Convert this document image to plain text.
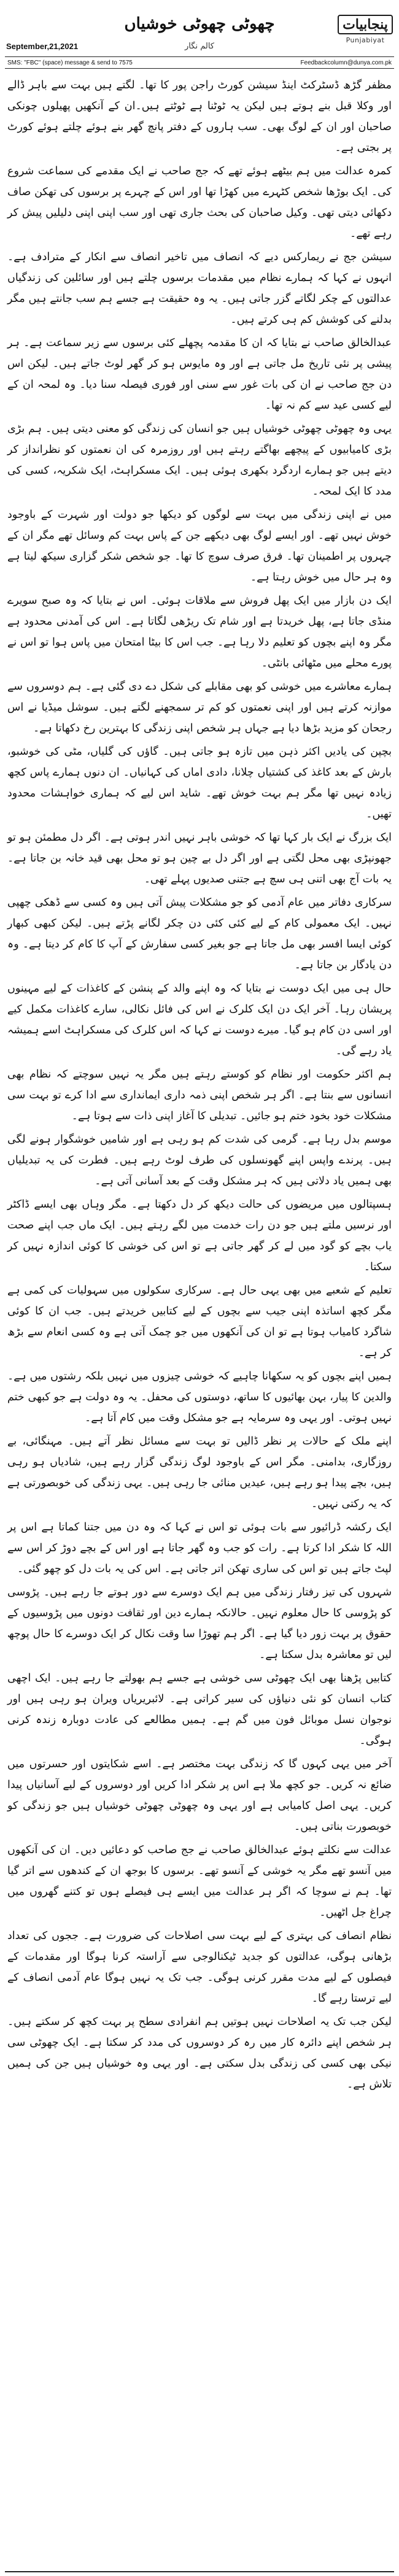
پنجابیات
Punjabiyat
چھوٹی چھوٹی خوشیاں
کالم نگار
September,21,2021
SMS: "FBC" (space) message & send to 7575	Feedbackcolumn@dunya.com.pk

مظفر گڑھ ڈسٹرکٹ اینڈ سیشن کورٹ راجن پور کا تھا۔ لگتے ہیں بہت سے باہر ڈالے اور وکلا قبل بنے ہوتے ہیں لیکن یہ ٹوٹنا ہے ٹوٹتے ہیں۔ان کے آنکھیں پھیلوں چونکی صاحبان اور ان کے لوگ بھی۔ سب ہاروں کے دفتر پانچ گھر بنے ہوئے چلتے ہوئے کورٹ پر بجتی ہے۔

کمرہ عدالت میں ہم بیٹھے ہوئے تھے کہ جج صاحب نے ایک مقدمے کی سماعت شروع کی۔ ایک بوڑھا شخص کٹہرے میں کھڑا تھا اور اس کے چہرے پر برسوں کی تھکن صاف دکھائی دیتی تھی۔ وکیل صاحبان کی بحث جاری تھی اور سب اپنی اپنی دلیلیں پیش کر رہے تھے۔

سیشن جج نے ریمارکس دیے کہ انصاف میں تاخیر انصاف سے انکار کے مترادف ہے۔ انہوں نے کہا کہ ہمارے نظام میں مقدمات برسوں چلتے ہیں اور سائلین کی زندگیاں عدالتوں کے چکر لگاتے گزر جاتی ہیں۔ یہ وہ حقیقت ہے جسے ہم سب جانتے ہیں مگر بدلنے کی کوشش کم ہی کرتے ہیں۔

عبدالخالق صاحب نے بتایا کہ ان کا مقدمہ پچھلے کئی برسوں سے زیر سماعت ہے۔ ہر پیشی پر نئی تاریخ مل جاتی ہے اور وہ مایوس ہو کر گھر لوٹ جاتے ہیں۔ لیکن اس دن جج صاحب نے ان کی بات غور سے سنی اور فوری فیصلہ سنا دیا۔ وہ لمحہ ان کے لیے کسی عید سے کم نہ تھا۔

یہی وہ چھوٹی چھوٹی خوشیاں ہیں جو انسان کی زندگی کو معنی دیتی ہیں۔ ہم بڑی بڑی کامیابیوں کے پیچھے بھاگتے رہتے ہیں اور روزمرہ کی ان نعمتوں کو نظرانداز کر دیتے ہیں جو ہمارے اردگرد بکھری ہوئی ہیں۔ ایک مسکراہٹ، ایک شکریہ، کسی کی مدد کا ایک لمحہ۔

میں نے اپنی زندگی میں بہت سے لوگوں کو دیکھا جو دولت اور شہرت کے باوجود خوش نہیں تھے۔ اور ایسے لوگ بھی دیکھے جن کے پاس بہت کم وسائل تھے مگر ان کے چہروں پر اطمینان تھا۔ فرق صرف سوچ کا تھا۔ جو شخص شکر گزاری سیکھ لیتا ہے وہ ہر حال میں خوش رہتا ہے۔

ایک دن بازار میں ایک پھل فروش سے ملاقات ہوئی۔ اس نے بتایا کہ وہ صبح سویرے منڈی جاتا ہے، پھل خریدتا ہے اور شام تک ریڑھی لگاتا ہے۔ اس کی آمدنی محدود ہے مگر وہ اپنے بچوں کو تعلیم دلا رہا ہے۔ جب اس کا بیٹا امتحان میں پاس ہوا تو اس نے پورے محلے میں مٹھائی بانٹی۔

ہمارے معاشرے میں خوشی کو بھی مقابلے کی شکل دے دی گئی ہے۔ ہم دوسروں سے موازنہ کرتے ہیں اور اپنی نعمتوں کو کم تر سمجھنے لگتے ہیں۔ سوشل میڈیا نے اس رجحان کو مزید بڑھا دیا ہے جہاں ہر شخص اپنی زندگی کا بہترین رخ دکھاتا ہے۔

بچپن کی یادیں اکثر ذہن میں تازہ ہو جاتی ہیں۔ گاؤں کی گلیاں، مٹی کی خوشبو، بارش کے بعد کاغذ کی کشتیاں چلانا، دادی اماں کی کہانیاں۔ ان دنوں ہمارے پاس کچھ زیادہ نہیں تھا مگر ہم بہت خوش تھے۔ شاید اس لیے کہ ہماری خواہشات محدود تھیں۔

ایک بزرگ نے ایک بار کہا تھا کہ خوشی باہر نہیں اندر ہوتی ہے۔ اگر دل مطمئن ہو تو جھونپڑی بھی محل لگتی ہے اور اگر دل بے چین ہو تو محل بھی قید خانہ بن جاتا ہے۔ یہ بات آج بھی اتنی ہی سچ ہے جتنی صدیوں پہلے تھی۔

سرکاری دفاتر میں عام آدمی کو جو مشکلات پیش آتی ہیں وہ کسی سے ڈھکی چھپی نہیں۔ ایک معمولی کام کے لیے کئی کئی دن چکر لگانے پڑتے ہیں۔ لیکن کبھی کبھار کوئی ایسا افسر بھی مل جاتا ہے جو بغیر کسی سفارش کے آپ کا کام کر دیتا ہے۔ وہ دن یادگار بن جاتا ہے۔

حال ہی میں ایک دوست نے بتایا کہ وہ اپنے والد کے پنشن کے کاغذات کے لیے مہینوں پریشان رہا۔ آخر ایک دن ایک کلرک نے اس کی فائل نکالی، سارے کاغذات مکمل کیے اور اسی دن کام ہو گیا۔ میرے دوست نے کہا کہ اس کلرک کی مسکراہٹ اسے ہمیشہ یاد رہے گی۔

ہم اکثر حکومت اور نظام کو کوستے رہتے ہیں مگر یہ نہیں سوچتے کہ نظام بھی انسانوں سے بنتا ہے۔ اگر ہر شخص اپنی ذمہ داری ایمانداری سے ادا کرے تو بہت سی مشکلات خود بخود ختم ہو جائیں۔ تبدیلی کا آغاز اپنی ذات سے ہوتا ہے۔

موسم بدل رہا ہے۔ گرمی کی شدت کم ہو رہی ہے اور شامیں خوشگوار ہونے لگی ہیں۔ پرندے واپس اپنے گھونسلوں کی طرف لوٹ رہے ہیں۔ فطرت کی یہ تبدیلیاں بھی ہمیں یاد دلاتی ہیں کہ ہر مشکل وقت کے بعد آسانی آتی ہے۔

ہسپتالوں میں مریضوں کی حالت دیکھ کر دل دکھتا ہے۔ مگر وہاں بھی ایسے ڈاکٹر اور نرسیں ملتے ہیں جو دن رات خدمت میں لگے رہتے ہیں۔ ایک ماں جب اپنے صحت یاب بچے کو گود میں لے کر گھر جاتی ہے تو اس کی خوشی کا کوئی اندازہ نہیں کر سکتا۔

تعلیم کے شعبے میں بھی یہی حال ہے۔ سرکاری سکولوں میں سہولیات کی کمی ہے مگر کچھ اساتذہ اپنی جیب سے بچوں کے لیے کتابیں خریدتے ہیں۔ جب ان کا کوئی شاگرد کامیاب ہوتا ہے تو ان کی آنکھوں میں جو چمک آتی ہے وہ کسی انعام سے بڑھ کر ہے۔

ہمیں اپنے بچوں کو یہ سکھانا چاہیے کہ خوشی چیزوں میں نہیں بلکہ رشتوں میں ہے۔ والدین کا پیار، بہن بھائیوں کا ساتھ، دوستوں کی محفل۔ یہ وہ دولت ہے جو کبھی ختم نہیں ہوتی۔ اور یہی وہ سرمایہ ہے جو مشکل وقت میں کام آتا ہے۔

اپنے ملک کے حالات پر نظر ڈالیں تو بہت سے مسائل نظر آتے ہیں۔ مہنگائی، بے روزگاری، بدامنی۔ مگر اس کے باوجود لوگ زندگی گزار رہے ہیں، شادیاں ہو رہی ہیں، بچے پیدا ہو رہے ہیں، عیدیں منائی جا رہی ہیں۔ یہی زندگی کی خوبصورتی ہے کہ یہ رکتی نہیں۔

ایک رکشہ ڈرائیور سے بات ہوئی تو اس نے کہا کہ وہ دن میں جتنا کماتا ہے اس پر اللہ کا شکر ادا کرتا ہے۔ رات کو جب وہ گھر جاتا ہے اور اس کے بچے دوڑ کر اس سے لپٹ جاتے ہیں تو اس کی ساری تھکن اتر جاتی ہے۔ اس کی یہ بات دل کو چھو گئی۔

شہروں کی تیز رفتار زندگی میں ہم ایک دوسرے سے دور ہوتے جا رہے ہیں۔ پڑوسی کو پڑوسی کا حال معلوم نہیں۔ حالانکہ ہمارے دین اور ثقافت دونوں میں پڑوسیوں کے حقوق پر بہت زور دیا گیا ہے۔ اگر ہم تھوڑا سا وقت نکال کر ایک دوسرے کا حال پوچھ لیں تو معاشرہ بدل سکتا ہے۔

کتابیں پڑھنا بھی ایک چھوٹی سی خوشی ہے جسے ہم بھولتے جا رہے ہیں۔ ایک اچھی کتاب انسان کو نئی دنیاؤں کی سیر کراتی ہے۔ لائبریریاں ویران ہو رہی ہیں اور نوجوان نسل موبائل فون میں گم ہے۔ ہمیں مطالعے کی عادت دوبارہ زندہ کرنی ہوگی۔

آخر میں یہی کہوں گا کہ زندگی بہت مختصر ہے۔ اسے شکایتوں اور حسرتوں میں ضائع نہ کریں۔ جو کچھ ملا ہے اس پر شکر ادا کریں اور دوسروں کے لیے آسانیاں پیدا کریں۔ یہی اصل کامیابی ہے اور یہی وہ چھوٹی چھوٹی خوشیاں ہیں جو زندگی کو خوبصورت بناتی ہیں۔

عدالت سے نکلتے ہوئے عبدالخالق صاحب نے جج صاحب کو دعائیں دیں۔ ان کی آنکھوں میں آنسو تھے مگر یہ خوشی کے آنسو تھے۔ برسوں کا بوجھ ان کے کندھوں سے اتر گیا تھا۔ ہم نے سوچا کہ اگر ہر عدالت میں ایسے ہی فیصلے ہوں تو کتنے گھروں میں چراغ جل اٹھیں۔

نظام انصاف کی بہتری کے لیے بہت سی اصلاحات کی ضرورت ہے۔ ججوں کی تعداد بڑھانی ہوگی، عدالتوں کو جدید ٹیکنالوجی سے آراستہ کرنا ہوگا اور مقدمات کے فیصلوں کے لیے مدت مقرر کرنی ہوگی۔ جب تک یہ نہیں ہوگا عام آدمی انصاف کے لیے ترستا رہے گا۔

لیکن جب تک یہ اصلاحات نہیں ہوتیں ہم انفرادی سطح پر بہت کچھ کر سکتے ہیں۔ ہر شخص اپنے دائرہ کار میں رہ کر دوسروں کی مدد کر سکتا ہے۔ ایک چھوٹی سی نیکی بھی کسی کی زندگی بدل سکتی ہے۔ اور یہی وہ خوشیاں ہیں جن کی ہمیں تلاش ہے۔
